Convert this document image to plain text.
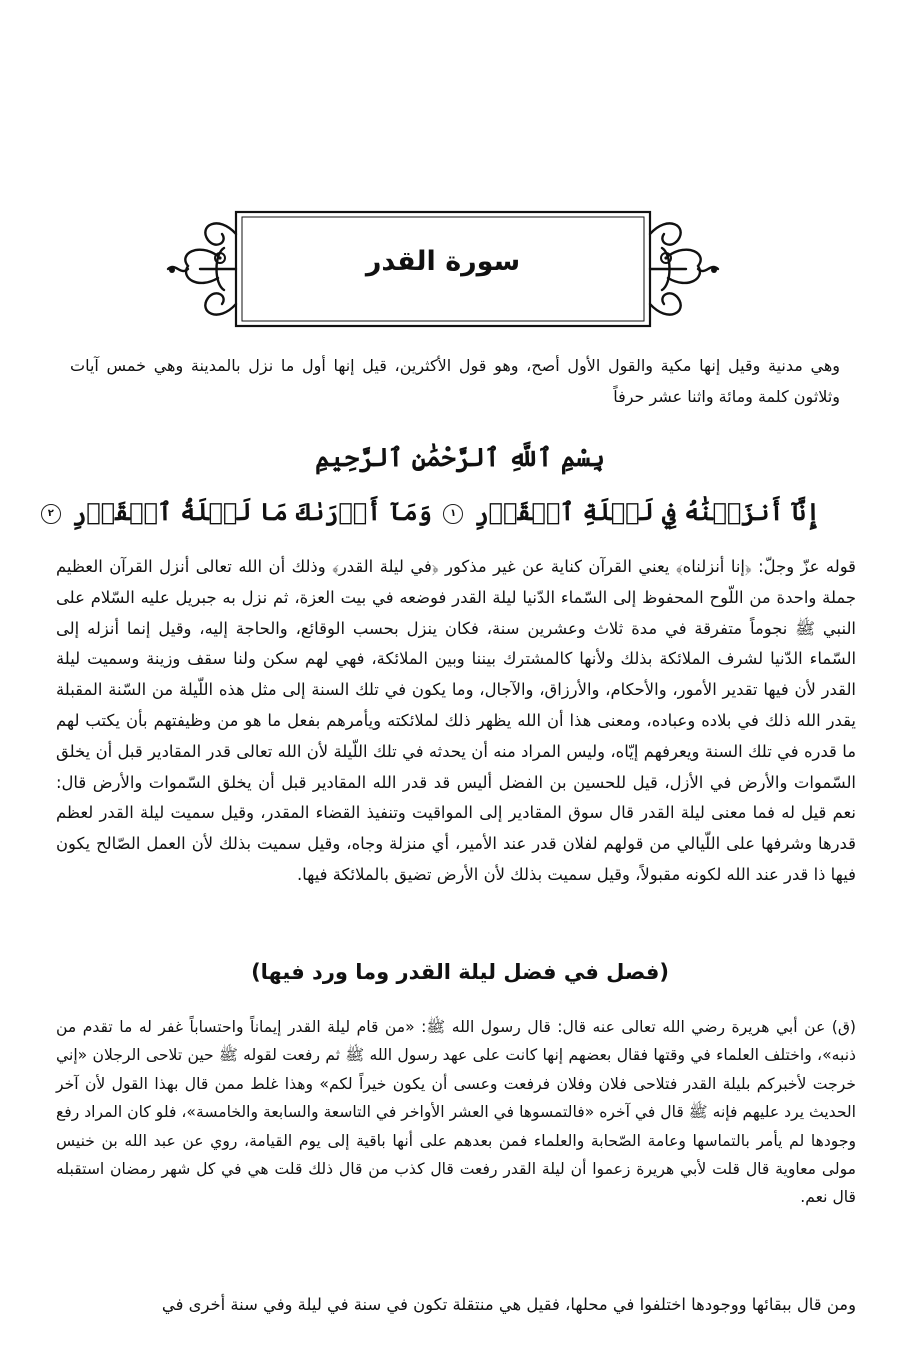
سورة القدر
وهي مدنية وقيل إنها مكية والقول الأول أصح، وهو قول الأكثرين، قيل إنها أول ما نزل بالمدينة وهي خمس آيات وثلاثون كلمة ومائة واثنا عشر حرفاً
بِسْمِ ٱللَّهِ ٱلرَّحْمَٰنِ ٱلرَّحِيمِ
إِنَّآ أَنزَلۡنَٰهُ فِي لَيۡلَةِ ٱلۡقَدۡرِ ١ وَمَآ أَدۡرَىٰكَ مَا لَيۡلَةُ ٱلۡقَدۡرِ ٢
قوله عزّ وجلّ: ﴿إنا أنزلناه﴾ يعني القرآن كناية عن غير مذكور ﴿في ليلة القدر﴾ وذلك أن الله تعالى أنزل القرآن العظيم جملة واحدة من اللّوح المحفوظ إلى السّماء الدّنيا ليلة القدر فوضعه في بيت العزة، ثم نزل به جبريل عليه السّلام على النبي ﷺ نجوماً متفرقة في مدة ثلاث وعشرين سنة، فكان ينزل بحسب الوقائع، والحاجة إليه، وقيل إنما أنزله إلى السّماء الدّنيا لشرف الملائكة بذلك ولأنها كالمشترك بيننا وبين الملائكة، فهي لهم سكن ولنا سقف وزينة وسميت ليلة القدر لأن فيها تقدير الأمور، والأحكام، والأرزاق، والآجال، وما يكون في تلك السنة إلى مثل هذه اللّيلة من السّنة المقبلة يقدر الله ذلك في بلاده وعباده، ومعنى هذا أن الله يظهر ذلك لملائكته ويأمرهم بفعل ما هو من وظيفتهم بأن يكتب لهم ما قدره في تلك السنة ويعرفهم إيّاه، وليس المراد منه أن يحدثه في تلك اللّيلة لأن الله تعالى قدر المقادير قبل أن يخلق السّموات والأرض في الأزل، قيل للحسين بن الفضل أليس قد قدر الله المقادير قبل أن يخلق السّموات والأرض قال: نعم قيل له فما معنى ليلة القدر قال سوق المقادير إلى المواقيت وتنفيذ القضاء المقدر، وقيل سميت ليلة القدر لعظم قدرها وشرفها على اللّيالي من قولهم لفلان قدر عند الأمير، أي منزلة وجاه، وقيل سميت بذلك لأن العمل الصّالح يكون فيها ذا قدر عند الله لكونه مقبولاً، وقيل سميت بذلك لأن الأرض تضيق بالملائكة فيها.
(فصل في فضل ليلة القدر وما ورد فيها)
(ق) عن أبي هريرة رضي الله تعالى عنه قال: قال رسول الله ﷺ: «من قام ليلة القدر إيماناً واحتساباً غفر له ما تقدم من ذنبه»، واختلف العلماء في وقتها فقال بعضهم إنها كانت على عهد رسول الله ﷺ ثم رفعت لقوله ﷺ حين تلاحى الرجلان «إني خرجت لأخبركم بليلة القدر فتلاحى فلان وفلان فرفعت وعسى أن يكون خيراً لكم» وهذا غلط ممن قال بهذا القول لأن آخر الحديث يرد عليهم فإنه ﷺ قال في آخره «فالتمسوها في العشر الأواخر في التاسعة والسابعة والخامسة»، فلو كان المراد رفع وجودها لم يأمر بالتماسها وعامة الصّحابة والعلماء فمن بعدهم على أنها باقية إلى يوم القيامة، روي عن عبد الله بن خنيس مولى معاوية قال قلت لأبي هريرة زعموا أن ليلة القدر رفعت قال كذب من قال ذلك قلت هي في كل شهر رمضان استقبله قال نعم.
ومن قال ببقائها ووجودها اختلفوا في محلها، فقيل هي منتقلة تكون في سنة في ليلة وفي سنة أخرى في
